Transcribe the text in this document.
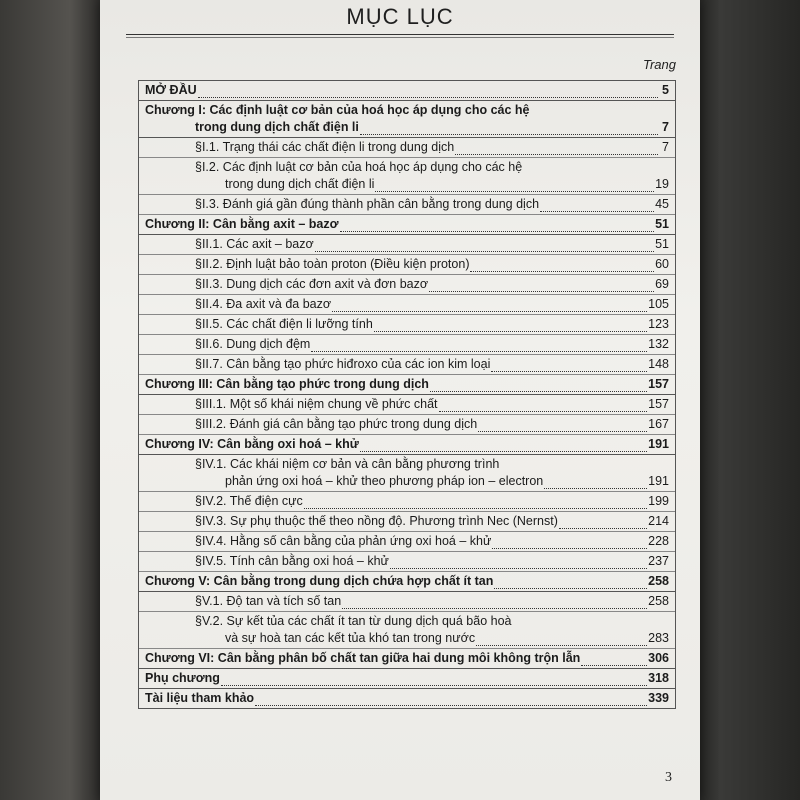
MỤC LỤC
Trang
MỞ ĐẦU	5
Chương I: Các định luật cơ bản của hoá học áp dụng cho các hệ
trong dung dịch chất điện li	7
§I.1. Trạng thái các chất điện li trong dung dịch	7
§I.2. Các định luật cơ bản của hoá học áp dụng cho các hệ
trong dung dịch chất điện li	19
§I.3. Đánh giá gần đúng thành phần cân bằng trong dung dịch	45
Chương II: Cân bằng axit – bazơ	51
§II.1. Các axit – bazơ	51
§II.2. Định luật bảo toàn proton (Điều kiện proton)	60
§II.3. Dung dịch các đơn axit và đơn bazơ	69
§II.4. Đa axit và đa bazơ	105
§II.5. Các chất điện li lưỡng tính	123
§II.6. Dung dịch đệm	132
§II.7. Cân bằng tạo phức hiđroxo của các ion kim loại	148
Chương III: Cân bằng tạo phức trong dung dịch	157
§III.1. Một số khái niệm chung về phức chất	157
§III.2. Đánh giá cân bằng tạo phức trong dung dịch	167
Chương IV: Cân bằng oxi hoá – khử	191
§IV.1. Các khái niệm cơ bản và cân bằng phương trình
phản ứng oxi hoá – khử theo phương pháp ion – electron	191
§IV.2. Thế điện cực	199
§IV.3. Sự phụ thuộc thế theo nồng độ. Phương trình Nec (Nernst)	214
§IV.4. Hằng số cân bằng của phản ứng oxi hoá – khử	228
§IV.5. Tính cân bằng oxi hoá – khử	237
Chương V: Cân bằng trong dung dịch chứa hợp chất ít tan	258
§V.1. Độ tan và tích số tan	258
§V.2. Sự kết tủa các chất ít tan từ dung dịch quá bão hoà
và sự hoà tan các kết tủa khó tan trong nước	283
Chương VI: Cân bằng phân bố chất tan giữa hai dung môi không trộn lẫn	306
Phụ chương	318
Tài liệu tham khảo	339
3
